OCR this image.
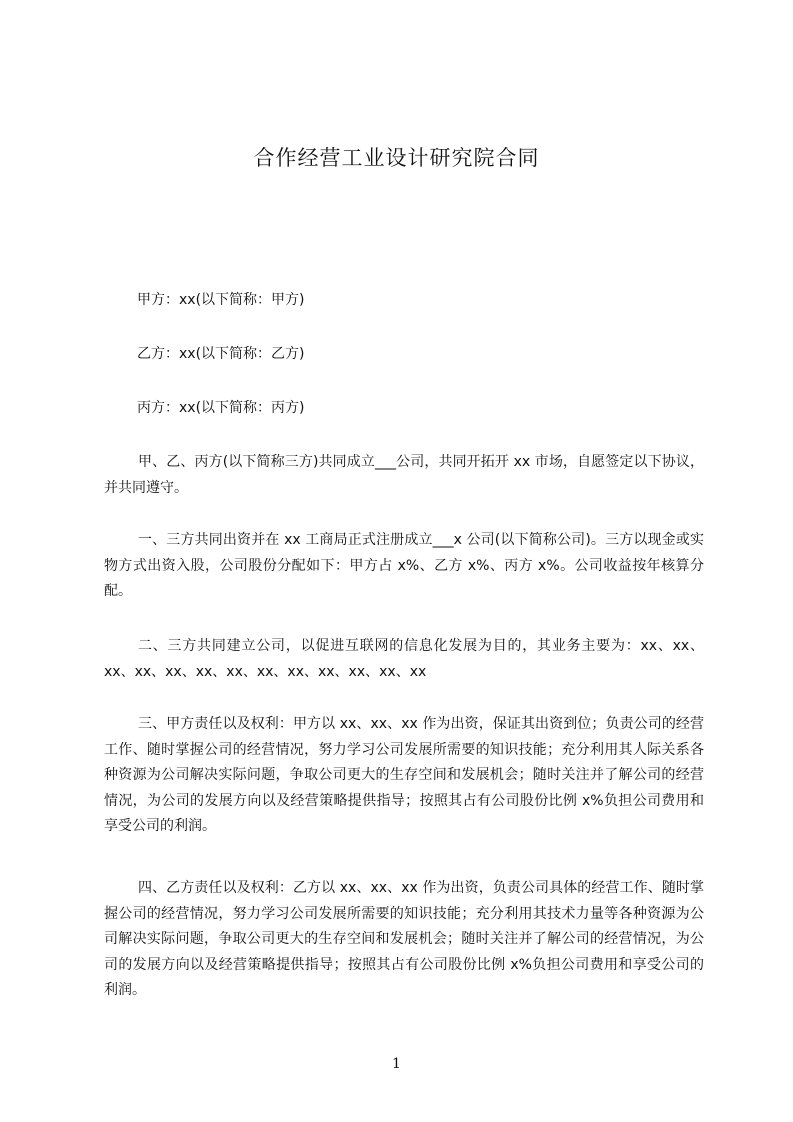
合作经营工业设计研究院合同
甲方：xx(以下简称：甲方)
乙方：xx(以下简称：乙方)
丙方：xx(以下简称：丙方)
甲、乙、丙方(以下简称三方)共同成立___公司，共同开拓开 xx 市场，自愿签定以下协议，并共同遵守。
一、三方共同出资并在 xx 工商局正式注册成立___x 公司(以下简称公司)。三方以现金或实物方式出资入股，公司股份分配如下：甲方占 x%、乙方 x%、丙方 x%。公司收益按年核算分配。
二、三方共同建立公司，以促进互联网的信息化发展为目的，其业务主要为：xx、xx、xx、xx、xx、xx、xx、xx、xx、xx、xx、xx、xx
三、甲方责任以及权利：甲方以 xx、xx、xx 作为出资，保证其出资到位；负责公司的经营工作、随时掌握公司的经营情况，努力学习公司发展所需要的知识技能；充分利用其人际关系各种资源为公司解决实际问题，争取公司更大的生存空间和发展机会；随时关注并了解公司的经营情况，为公司的发展方向以及经营策略提供指导；按照其占有公司股份比例 x%负担公司费用和享受公司的利润。
四、乙方责任以及权利：乙方以 xx、xx、xx 作为出资，负责公司具体的经营工作、随时掌握公司的经营情况，努力学习公司发展所需要的知识技能；充分利用其技术力量等各种资源为公司解决实际问题，争取公司更大的生存空间和发展机会；随时关注并了解公司的经营情况，为公司的发展方向以及经营策略提供指导；按照其占有公司股份比例 x%负担公司费用和享受公司的利润。
1
